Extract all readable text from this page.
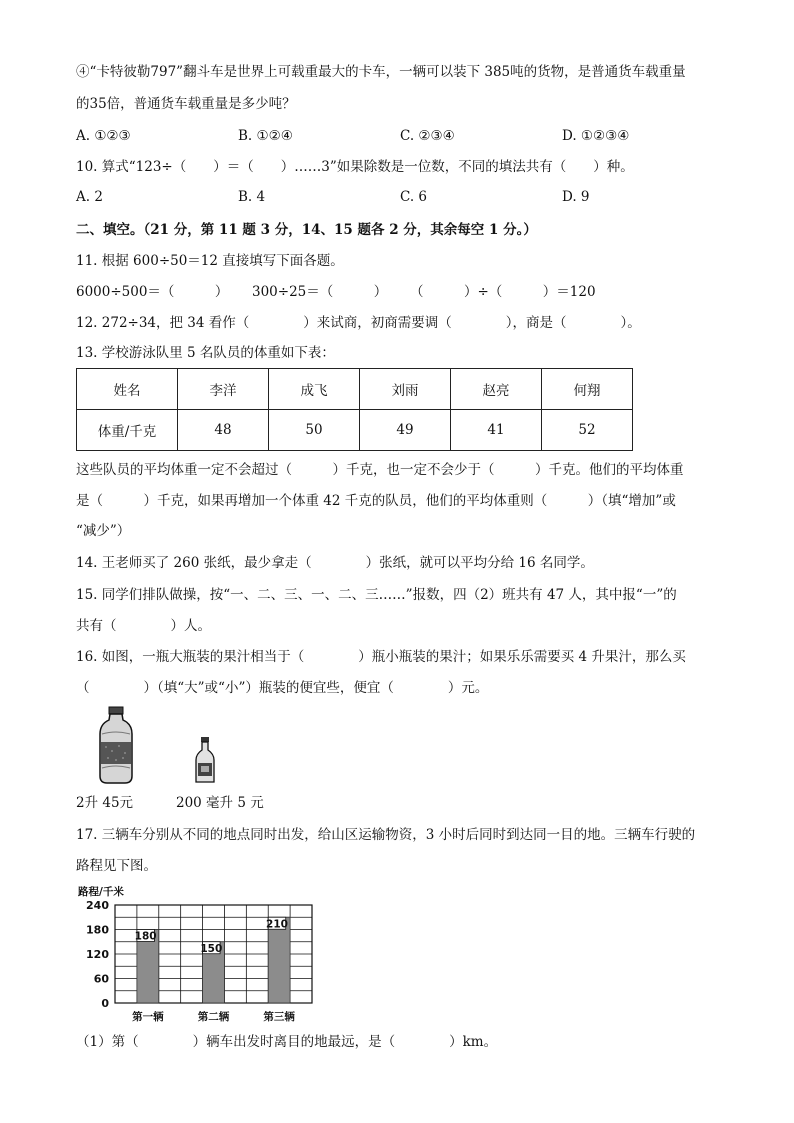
④“卡特彼勒797”翻斗车是世界上可载重最大的卡车，一辆可以装下 385吨的货物，是普通货车载重量
的35倍，普通货车载重量是多少吨？
A. ①②③	B. ①②④	C. ②③④	D. ①②③④
10. 算式“123÷（　　）＝（　　）……3”如果除数是一位数，不同的填法共有（　　）种。
A. 2	B. 4	C. 6	D. 9
二、填空。（21 分，第 11 题 3 分，14、15 题各 2 分，其余每空 1 分。）
11. 根据 600÷50＝12 直接填写下面各题。
6000÷500＝（　　　） 300÷25＝（　　　） （　　　）÷（　　　）＝120
12. 272÷34，把 34 看作（　　　　）来试商，初商需要调（　　　　），商是（　　　　）。
13. 学校游泳队里 5 名队员的体重如下表：
姓名	李洋	成飞	刘雨	赵亮	何翔
体重/千克	48	50	49	41	52
这些队员的平均体重一定不会超过（　　　）千克，也一定不会少于（　　　）千克。他们的平均体重
是（　　　）千克，如果再增加一个体重 42 千克的队员，他们的平均体重则（　　　）（填“增加”或
“减少”）
14. 王老师买了 260 张纸，最少拿走（　　　　）张纸，就可以平均分给 16 名同学。
15. 同学们排队做操，按“一、二、三、一、二、三……”报数，四（2）班共有 47 人，其中报“一”的
共有（　　　　）人。
16. 如图，一瓶大瓶装的果汁相当于（　　　　）瓶小瓶装的果汁；如果乐乐需要买 4 升果汁，那么买
（　　　　）（填“大”或“小”）瓶装的便宜些，便宜（　　　　）元。
2升 45元	200 毫升 5 元
17. 三辆车分别从不同的地点同时出发，给山区运输物资，3 小时后同时到达同一目的地。三辆车行驶的
路程见下图。
路程/千米
0
60
120
180
240
180
第一辆
150
第二辆
210
第三辆
（1）第（　　　　）辆车出发时离目的地最远，是（　　　　）km。
